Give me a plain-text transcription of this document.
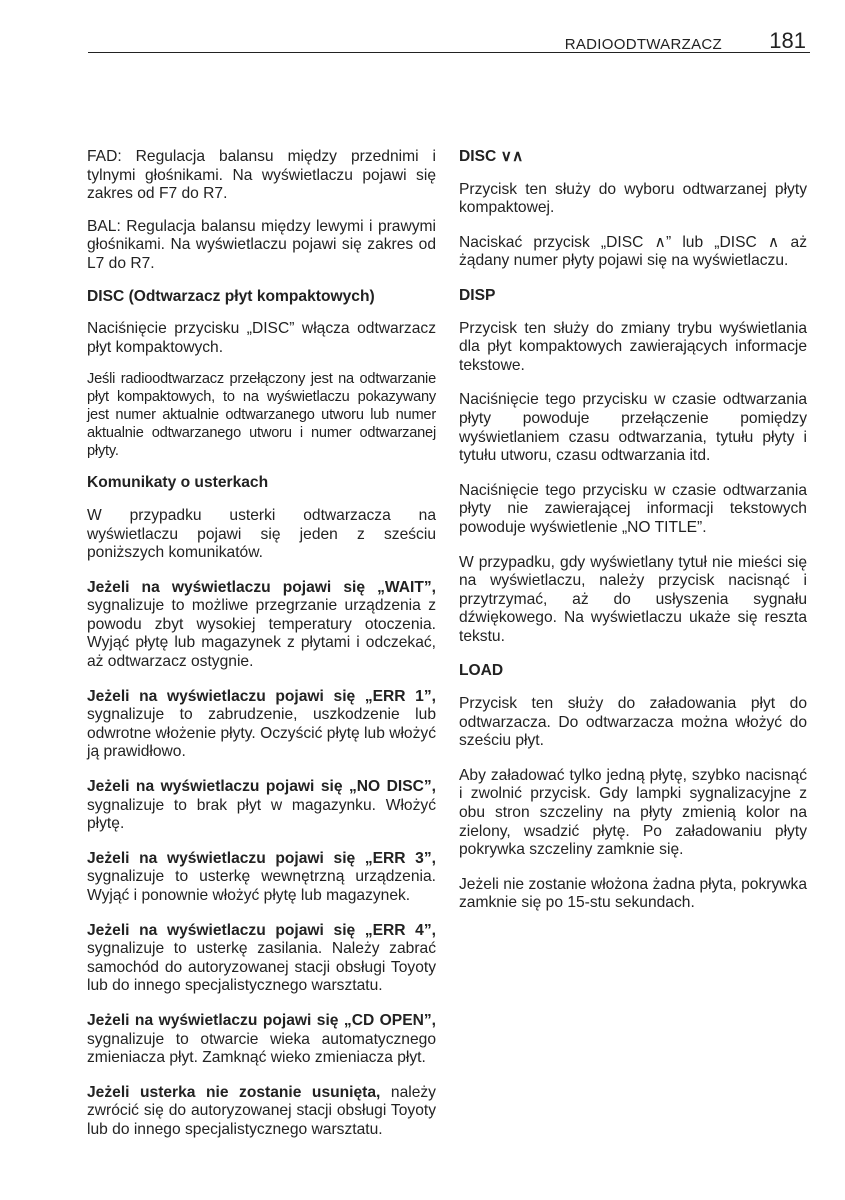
RADIOODTWARZACZ 181

FAD: Regulacja balansu między przednimi i tylnymi głośnikami. Na wyświetlaczu pojawi się zakres od F7 do R7.

BAL: Regulacja balansu między lewymi i prawymi głośnikami. Na wyświetlaczu pojawi się zakres od L7 do R7.

DISC (Odtwarzacz płyt kompaktowych)

Naciśnięcie przycisku „DISC” włącza odtwarzacz płyt kompaktowych.

Jeśli radioodtwarzacz przełączony jest na odtwarzanie płyt kompaktowych, to na wyświetlaczu pokazywany jest numer aktualnie odtwarzanego utworu lub numer aktualnie odtwarzanego utworu i numer odtwarzanej płyty.

Komunikaty o usterkach

W przypadku usterki odtwarzacza na wyświetlaczu pojawi się jeden z sześciu poniższych komunikatów.

Jeżeli na wyświetlaczu pojawi się „WAIT”, sygnalizuje to możliwe przegrzanie urządzenia z powodu zbyt wysokiej temperatury otoczenia. Wyjąć płytę lub magazynek z płytami i odczekać, aż odtwarzacz ostygnie.

Jeżeli na wyświetlaczu pojawi się „ERR 1”, sygnalizuje to zabrudzenie, uszkodzenie lub odwrotne włożenie płyty. Oczyścić płytę lub włożyć ją prawidłowo.

Jeżeli na wyświetlaczu pojawi się „NO DISC”, sygnalizuje to brak płyt w magazynku. Włożyć płytę.

Jeżeli na wyświetlaczu pojawi się „ERR 3”, sygnalizuje to usterkę wewnętrzną urządzenia. Wyjąć i ponownie włożyć płytę lub magazynek.

Jeżeli na wyświetlaczu pojawi się „ERR 4”, sygnalizuje to usterkę zasilania. Należy zabrać samochód do autoryzowanej stacji obsługi Toyoty lub do innego specjalistycznego warsztatu.

Jeżeli na wyświetlaczu pojawi się „CD OPEN”, sygnalizuje to otwarcie wieka automatycznego zmieniacza płyt. Zamknąć wieko zmieniacza płyt.

Jeżeli usterka nie zostanie usunięta, należy zwrócić się do autoryzowanej stacji obsługi Toyoty lub do innego specjalistycznego warsztatu.

DISC ∨∧

Przycisk ten służy do wyboru odtwarzanej płyty kompaktowej.

Naciskać przycisk „DISC ∧” lub „DISC ∧ aż żądany numer płyty pojawi się na wyświetlaczu.

DISP

Przycisk ten służy do zmiany trybu wyświetlania dla płyt kompaktowych zawierających informacje tekstowe.

Naciśnięcie tego przycisku w czasie odtwarzania płyty powoduje przełączenie pomiędzy wyświetlaniem czasu odtwarzania, tytułu płyty i tytułu utworu, czasu odtwarzania itd.

Naciśnięcie tego przycisku w czasie odtwarzania płyty nie zawierającej informacji tekstowych powoduje wyświetlenie „NO TITLE”.

W przypadku, gdy wyświetlany tytuł nie mieści się na wyświetlaczu, należy przycisk nacisnąć i przytrzymać, aż do usłyszenia sygnału dźwiękowego. Na wyświetlaczu ukaże się reszta tekstu.

LOAD

Przycisk ten służy do załadowania płyt do odtwarzacza. Do odtwarzacza można włożyć do sześciu płyt.

Aby załadować tylko jedną płytę, szybko nacisnąć i zwolnić przycisk. Gdy lampki sygnalizacyjne z obu stron szczeliny na płyty zmienią kolor na zielony, wsadzić płytę. Po załadowaniu płyty pokrywka szczeliny zamknie się.

Jeżeli nie zostanie włożona żadna płyta, pokrywka zamknie się po 15-stu sekundach.
